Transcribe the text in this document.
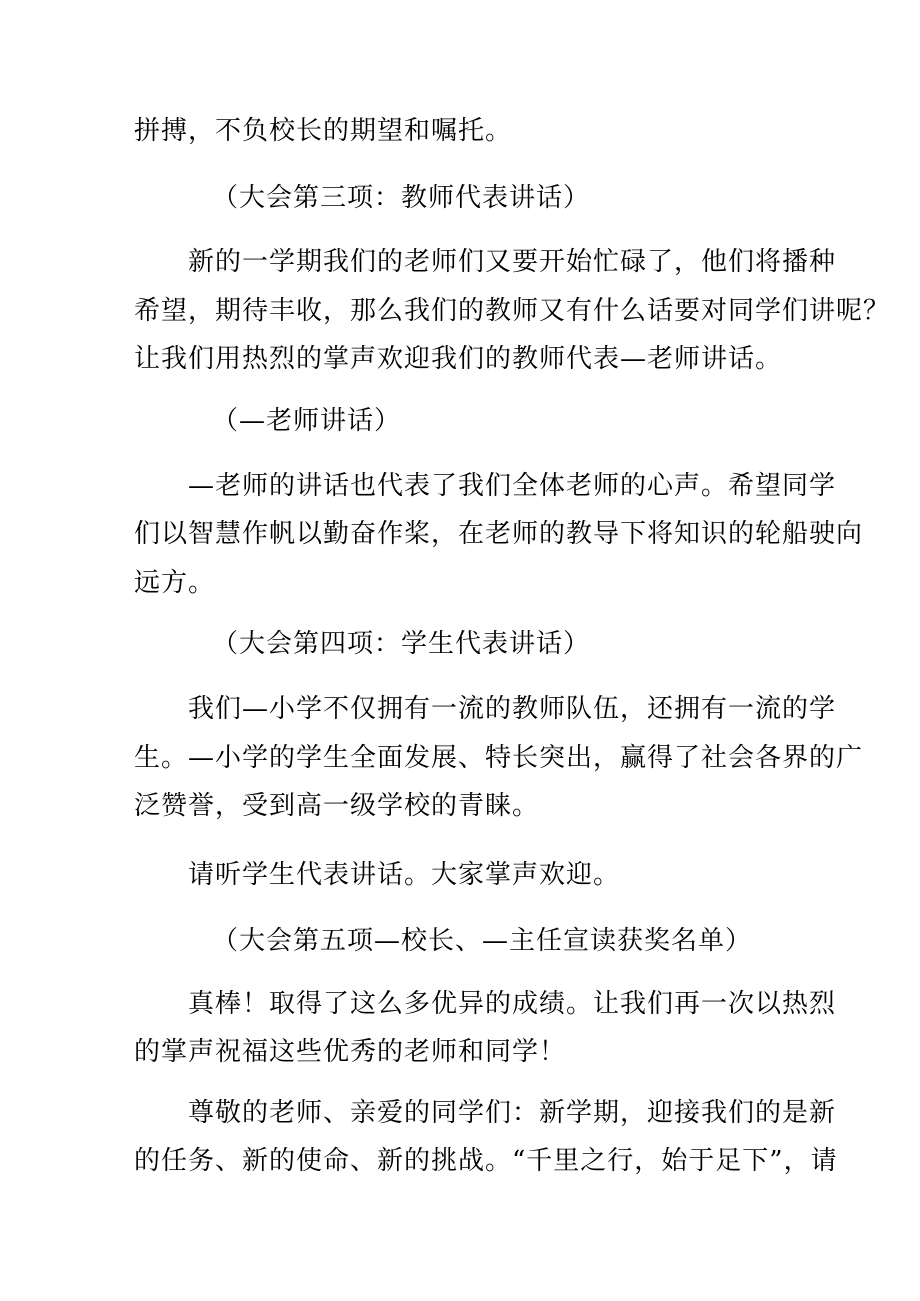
拼搏，不负校长的期望和嘱托。
（大会第三项：教师代表讲话）
新的一学期我们的老师们又要开始忙碌了，他们将播种
希望，期待丰收，那么我们的教师又有什么话要对同学们讲呢？
让我们用热烈的掌声欢迎我们的教师代表—老师讲话。
（—老师讲话）
—老师的讲话也代表了我们全体老师的心声。希望同学
们以智慧作帆以勤奋作桨，在老师的教导下将知识的轮船驶向
远方。
（大会第四项：学生代表讲话）
我们—小学不仅拥有一流的教师队伍，还拥有一流的学
生。—小学的学生全面发展、特长突出，赢得了社会各界的广
泛赞誉，受到高一级学校的青睐。
请听学生代表讲话。大家掌声欢迎。
（大会第五项—校长、—主任宣读获奖名单）
真棒！取得了这么多优异的成绩。让我们再一次以热烈
的掌声祝福这些优秀的老师和同学！
尊敬的老师、亲爱的同学们：新学期，迎接我们的是新
的任务、新的使命、新的挑战。“千里之行，始于足下”，请
